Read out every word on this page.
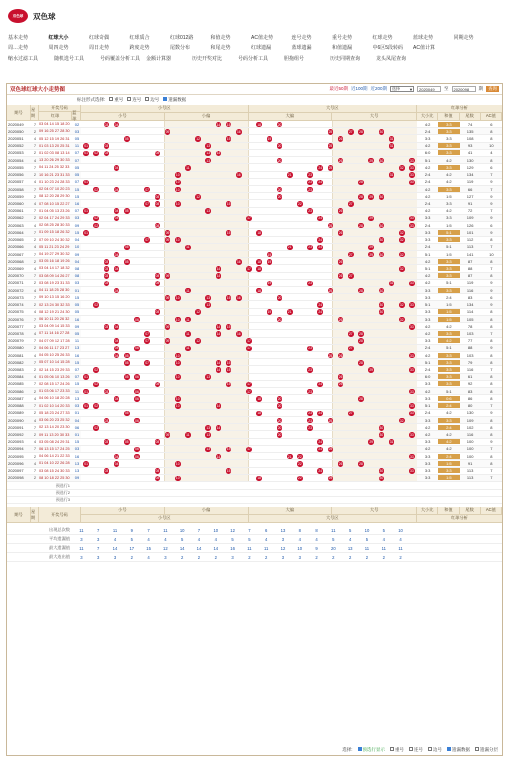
双色球 双色球
基本走势	红球大小	红球奇偶	红球质合	红球012路	和值走势	AC值走势	连号走势	重号走势	红球走势	蓝球走势	同期走势
周…走势	周四走势	周日走势	跨度走势	尾数分布	和尾走势	红球遗漏	蓝球遗漏	和值遗漏	中6区5段转码	AC值计算
缩水过滤工具	随机选号工具	号码覆盖分析工具	金额计算器	历史开奖对比	号码分析工具	胆拖组号	历史同期查询	龙头凤尾查询
双色球红球大小走势图	最近50期 近100期 近200期 选择 ▼	2020049	至	2020098	期	查询
标注形式选择:	重号	连号	边号	遗漏数据
期号
星期
开奖号码
红球
蓝球
小号区	大号区
小号	小偏	大偏	大号
红球分析
大小比	和值	尾数	AC值
2020049	7 03 04 14 15 18 20	02	03 04	14 15	18	20	4:2	3:3	74	6
2020050	2 09 16 25 27 28 30	03	09	16	25	27 28	30	2:4	3:3	135	8
2020051	4 05 12 15 19 26 31	05	05	12	15	19	26	31	3:3	3:3	108	8
2020052	7 01 03 13 20 25 31	11	01	03	13	20	25	31	4:2	3:3	93	10
2020053	2 01 02 03 08 13 14	07	01 02 03	08	13 14	6:0	3:3	41	4
2020054	4 13 20 26 29 30 33	07	13	20	26	29 30	33	5:1	4:2	130	8
2020055	7 04 11 24 25 32 33	05	04	11	24 25	32 33	4:2	3:3	129	6
2020056	2 10 16 21 23 31 33	05	10	16	21	23	31	33	2:4	4:2	134	7
2020057	4 01 10 23 24 28 33	07	01	10	23 24	28	33	2:4	4:2	119	9
2020058	7 02 04 07 10 20 23	15	02	04	07	10	20	23	4:2	3:3	66	7
2020059	2 08 12 20 28 29 30	15	08	12	20	28 29 30	4:2	1:5	127	9
2020060	4 07 08 10 15 22 27	16	07 08	10	15	22	27	2:4	3:3	91	9
2020061	7 01 04 05 13 23 26	07	01	04 05	13	23	26	4:2	4:2	72	7
2020062	2 02 04 17 24 29 33	03	02	04	17	24	29	33	3:3	3:3	109	9
2020063	4 02 08 25 28 30 33	09	02	08	25	28	30	33	2:4	1:5	126	6
2020064	7 01 09 15 18 26 32	15	01	09	15	18	26	32	3:3	5:1	101	9
2020065	2 07 09 10 24 30 32	04	07	09 10	24	30	32	3:3	3:3	112	8
2020066	4 05 11 21 23 24 29	10	05	11	21	23 24	29	2:4	5:1	113	7
2020067	7 04 19 27 29 30 32	09	04	19	27	29 30	32	5:1	1:5	141	10
2020068	2 03 05 16 18 19 26	04	03	05	16	18 19	26	4:2	3:3	87	8
2020069	4 03 04 14 17 18 32	08	03 04	14	17 18	32	5:1	3:3	88	7
2020070	7 03 08 09 14 26 27	08	03	08 09	14	26 27	4:2	3:3	87	8
2020071	2 03 08 19 23 31 33	03	03	08	19	23	31	33	4:2	5:1	119	9
2020072	4 04 11 18 25 28 30	01	04	11	18	25	28	30	3:3	3:3	116	9
2020073	7 09 10 13 15 16 20	15	09 10	13	15 16	20	3:3	2:4	83	6
2020074	2 02 13 24 30 32 33	05	02	13	24	30	32 33	5:1	1:5	134	9
2020075	4 08 12 19 21 24 30	05	08	12	19	21	24	30	3:3	1:5	114	8
2020076	7 06 10 11 20 26 32	16	06	10	11	20	26	32	3:3	1:5	105	8
2020077	2 03 04 09 14 15 33	09	03 04	09	14 15	33	4:2	4:2	78	8
2020078	4 07 11 14 16 27 28	05	07	11	14	16	27 28	4:2	3:3	103	7
2020079	7 04 07 09 12 17 28	11	04	07	09	12	17	28	3:3	4:2	77	8
2020080	2 04 06 11 17 23 27	13	04	06	11	17	23	27	2:4	5:1	88	9
2020081	4 04 05 10 25 26 33	16	04 05	10	25 26	33	4:2	3:3	103	8
2020082	7 05 07 10 14 15 28	15	05	07	10	14 15	28	5:1	3:3	79	8
2020083	2 02 14 15 23 29 33	07	02	14 15	23	29	33	2:4	3:3	116	7
2020084	4 01 05 06 10 13 26	07	01	05 06	10	13	26	6:0	3:3	61	8
2020085	7 02 08 15 17 24 26	15	02	08	15	17	24	26	3:3	3:3	92	8
2020086	2 01 03 06 17 23 33	11	01	03	06	17	23	33	4:2	5:1	83	8
2020087	4 04 06 10 18 20 28	13	04	06	10	18	20	28	3:3	0:6	86	8
2020088	7 01 02 10 14 20 33	03	01 02	10	14	20	33	5:1	2:4	80	7
2020089	2 05 18 23 24 27 33	01	05	18	23 24	27	33	2:4	4:2	130	9
2020090	4 03 06 20 23 25 32	04	03	06	20	23	25	32	3:3	3:3	109	8
2020091	7 02 13 14 20 23 30	06	02	13 14	20	23	30	4:2	2:4	102	8
2020092	2 09 11 13 20 30 33	01	09	11	13	20	30	33	4:2	4:2	116	8
2020093	4 03 05 08 24 29 31	15	03	05	08	24	29	31	3:3	4:2	100	9
2020094	7 06 13 15 17 24 25	03	06	13	15	17	24 25	4:2	4:2	100	7
2020095	2 04 06 14 21 22 33	16	04	06	14	21 22	33	3:3	2:4	100	8
2020096	4 01 04 10 22 26 28	13	01	04	10	22	26	28	3:3	1:5	91	8
2020097	7 03 08 15 24 30 33	13	03	08	15	24	30	33	3:3	3:3	113	7
2020098	2 08 10 18 22 25 30	09	08	10	18	22	25	30	3:3	1:5	113	7
预选行1
预选行2
预选行3
期号
星期
开奖号码
小号	小偏	大偏	大号
小号区	大号区
大小比	和值	尾数	AC值
红球分析
出现总次数	11	7	11	9	7	11	10	7	10	12	7	6	13	8	8	11	5	10	5	10
平均遗漏值	3	3	4	5	4	4	5	4	4	5	5	4	3	4	4	5	4	5	4	4
最大遗漏值	11	7	14	17	15	12	14	14	14	16	11	11	12	10	9	20	13	11	11	11
最大连出值	3	3	3	2	4	3	2	2	2	3	2	2	3	3	2	2	2	2	2	2
选择:	预选行显示	重号	连号	边号	遗漏数据	遗漏分层
